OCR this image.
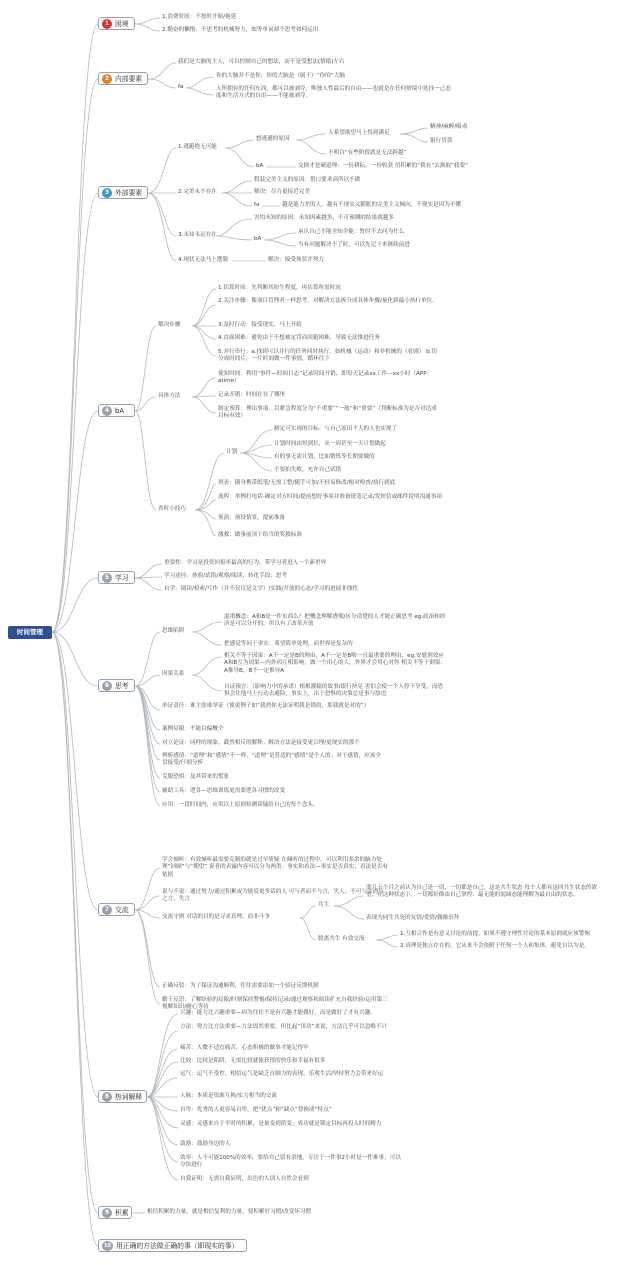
时间管理
1 困境
1.浪费时间：不按时开始/拖延
2.勤奋的懒惰：不思考的机械努力，如等单词却不思考如何运用
2 内部要素
我们是大脑的主人，可以控制自己的想法，而不是受想法(情绪)左右
fa
你的大脑并不是你，你的大脑是（属于）“你的”大脑
人所拥有的任何东西，都可以被剥夺，唯独人性最后的自由——也就是在任何情境中选择一己态度和生活方式的自由——不能被剥夺。
3 外部要素
1.逃避绝无可能
想逃避的原因
人希望欲望马上得到满足
精神/麻醉/吸毒
银行贷款
不明白“有些阶段就是无法跨越”
bA	交换才是硬道理：一份耕耘，一份收获 用积累的“我有”去换取“我要”
2.完美永不存在
假装完美主义的原因：借口要求高所以不做
解决：尽力更接近完美
fa	越是能力差的人，越有不现实又膨胀的完美主义倾向，不现实是因为不懂
3.未知永远存在
害怕未知的原因：未知因素越多，不可预测的结果就越多
bA
承认自己不能全知全能：暂时不去问为什么
当有问题解决不了时，可以先记下来继续前进
4.现状无法马上摆脱	解决：接受现状并努力
4 bA
解决步骤
1.估算时间：先判断其短生程度，再估算所需时间
2.关注步骤：像项目管理者一样思考，对解决方法拆分成具体步骤/量化到最小执行单位。
3.及时行动：接受现实，马上开始
4.直面困难：避免由于不想被定罚而回避困难，导致无法推进任务
5.并行串行：a.找到可以并行的任务同时执行，如机械（运动）和非机械的（看剧） b.切分成时间片，一片时间做一件事情，循环往下
具体方法
使知时间：利用“事件—时间日志”记录时间开销，即每天记录xx工作—xx小时（APP：atime）
记录开销：时间在在了哪里
制定预算：理出事项：以紧急程度分为“不重要”“一般”和“重要”（判断标准为是否对达成目标有效）
省时小技巧
计划
制定可实现的目标：与自己原田不大的人也实现了
计划时间由短到长，从一周甚至一天计划做起
有的事无需计划，比如锻炼等长期要做的
不要拍失败，允许自己试错
列表：随身携带纸笔/无需工整/随手可加/不轻易修改/根对检查/执行到底
流程：举例打电话-确定对方时间/提前想好事项并准备纸笔记录/发短信或邮件说明沟通事项
预演：预设情景，提前准备
激救：做事前顶下给当的奖救标准
5 学习
重要性：学习是投资回报率最高的行为，带学习者进入一个新世界
学习途径：体验/试错/观察/阅读；转化手段：思考
自学：阅读/检索/写作（并不仅仅是文学）/实践/开放的心态/学习的进展非线性
6 思考
思维陷阱
混淆概念：A和B是一件东西么？把概念理解透彻/区分清楚的人才能正确思考 eg.政治和经济是可以分开的，所以有了改革开放
把感觉等同于事实：希望简单处理，而世界是复杂的
因果关系
相关不等于因果：A不一定是B的理由，A不一定是B唯一且最重要的理由；eg.安慰剂效应 A和B互为因果—内外因互相影响，做一个用心的人，外界才会用心对你 相关不等于倒果：A推导B，B不一定推导A
自证预言：（影响力中的承诺）植根灌输的故事/银行挤兑 害怕会使一个人停下享受，而恐惧会让他马上行动去避险，事实上，出于恐惧的决策总是事与愿违
举证责任：谁主张谁举证（彼说例子如“我然你无法证明我是错的，那我就是对的”）
案例局限：不能以偏概全
对立论证：同样的现象，截然相反的解释；解决方法是接受更合理/更现实的那个
辨析感情：“道理”和“感情”不一样，“道理”是普适的“感情”是个人的；对于感情，应该全盘接受/仔细分析
克服恐惧：及其带来的慌张
辅助工具：逻各—思维训练更需要逻各习惯的改变
应用：一段时间内，应用以上原则检测读输给自己的每个念头。
7 交流
学会倾听：有效倾听最需要克制的就是过早质疑 在倾听的过程中，可以利用多余的脑力处理“回顾”与“期望” 说者的表露内容可以分为两类：事实和看法—事实是否真实，看法是否有依据
说与不说：通过努力/通过积累或为能说更多话的人 可与者而不与言，失人；不可与言而与之言，失言
交流守则 对话的目的是寻求真理，而非斗争
共生
要儿五个月之前认为自己是一切，一切都是自己；这是共生状态 每个人都有这回共生状态的欲望，在这种状态下，一切都好像由自己掌控：最无能的弱阔态能理解为最自由的状态。
表现为同生共死的友情/爱情/偶像崇拜
脱离共生 有效交流
1.互相合作是有意义讨论的前提。如果不遵守理性讨论的基本原则就应该警惕
2.真理是独立存在的，它从来不会依附于任何一个人和集体，避免自以为是。
正确反驳：为了保证沟通顺利，往往需要添加一个验证反馈机制
勤于反思：了解经验的局限/时刻保持警惕/保持记录/通过观察和阅读扩充自我经验/运用第三视解知识/耐心等待
8 热词解释
兴趣：能力比兴趣重要—因为往往不是有兴趣才能做好，而是做好了才有兴趣。
方法：努力比方法重要—方法固然重要，但比起“用功”来说，方法几乎可以忽略不计
痛苦：人微不适宜痛苦，心态积极的做事才能记得牢
比较：比较是陷阱，无需比较就能获得的快乐和幸福有很多
运气：运气不受控，相信运气是缺乏自制力的表现，乐观生活/坚持努力会带来好运
人脉：本质是资源互换/实力相当的交流
自卑：优秀的人更容易自卑，把“优点”和“缺点”替换成“特点”
灵感：灵感来自于平时的积累，是量变到质变；成功就是锁定目标再投入时间精力
鼓励：鼓励身边的人
效率：人不可能100%的效率，要给自己留有余地，专注于一件事2小时是一件难事，可以分块进行
自我证明：无需自我证明，出色的人别人自然会看到
9 积累	相信积累的力量，就是相信复利的力量，要积累好习惯/改变坏习惯
10 用正确的方法做正确的事（即现实的事）
